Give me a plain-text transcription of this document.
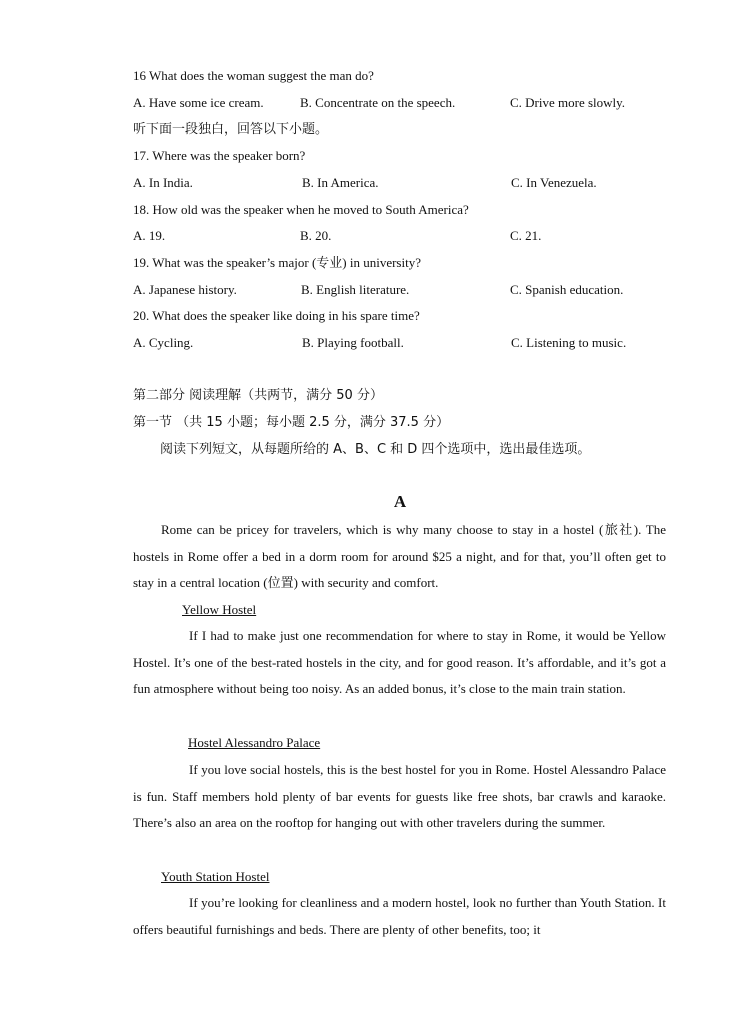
16 What does the woman suggest the man do?
A. Have some ice cream.	B. Concentrate on the speech.	C. Drive more slowly.
听下面一段独白，回答以下小题。
17. Where was the speaker born?
A. In India.	B. In America.	C. In Venezuela.
18. How old was the speaker when he moved to South America?
A. 19.	B. 20.	C. 21.
19. What was the speaker’s major (专业) in university?
A. Japanese history.	B. English literature.	C. Spanish education.
20. What does the speaker like doing in his spare time?
A. Cycling.	B. Playing football.	C. Listening to music.
第二部分 阅读理解（共两节，满分 50 分）
第一节 （共 15 小题；每小题 2.5 分，满分 37.5 分）
阅读下列短文，从每题所给的 A、B、C 和 D 四个选项中，选出最佳选项。
A
Rome can be pricey for travelers, which is why many choose to stay in a hostel (旅社). The hostels in Rome offer a bed in a dorm room for around $25 a night, and for that, you’ll often get to stay in a central location (位置) with security and comfort.
Yellow Hostel
If I had to make just one recommendation for where to stay in Rome, it would be Yellow Hostel. It’s one of the best-rated hostels in the city, and for good reason. It’s affordable, and it’s got a fun atmosphere without being too noisy. As an added bonus, it’s close to the main train station.
Hostel Alessandro Palace
If you love social hostels, this is the best hostel for you in Rome. Hostel Alessandro Palace is fun. Staff members hold plenty of bar events for guests like free shots, bar crawls and karaoke. There’s also an area on the rooftop for hanging out with other travelers during the summer.
Youth Station Hostel
If you’re looking for cleanliness and a modern hostel, look no further than Youth Station. It offers beautiful furnishings and beds. There are plenty of other benefits, too; it
